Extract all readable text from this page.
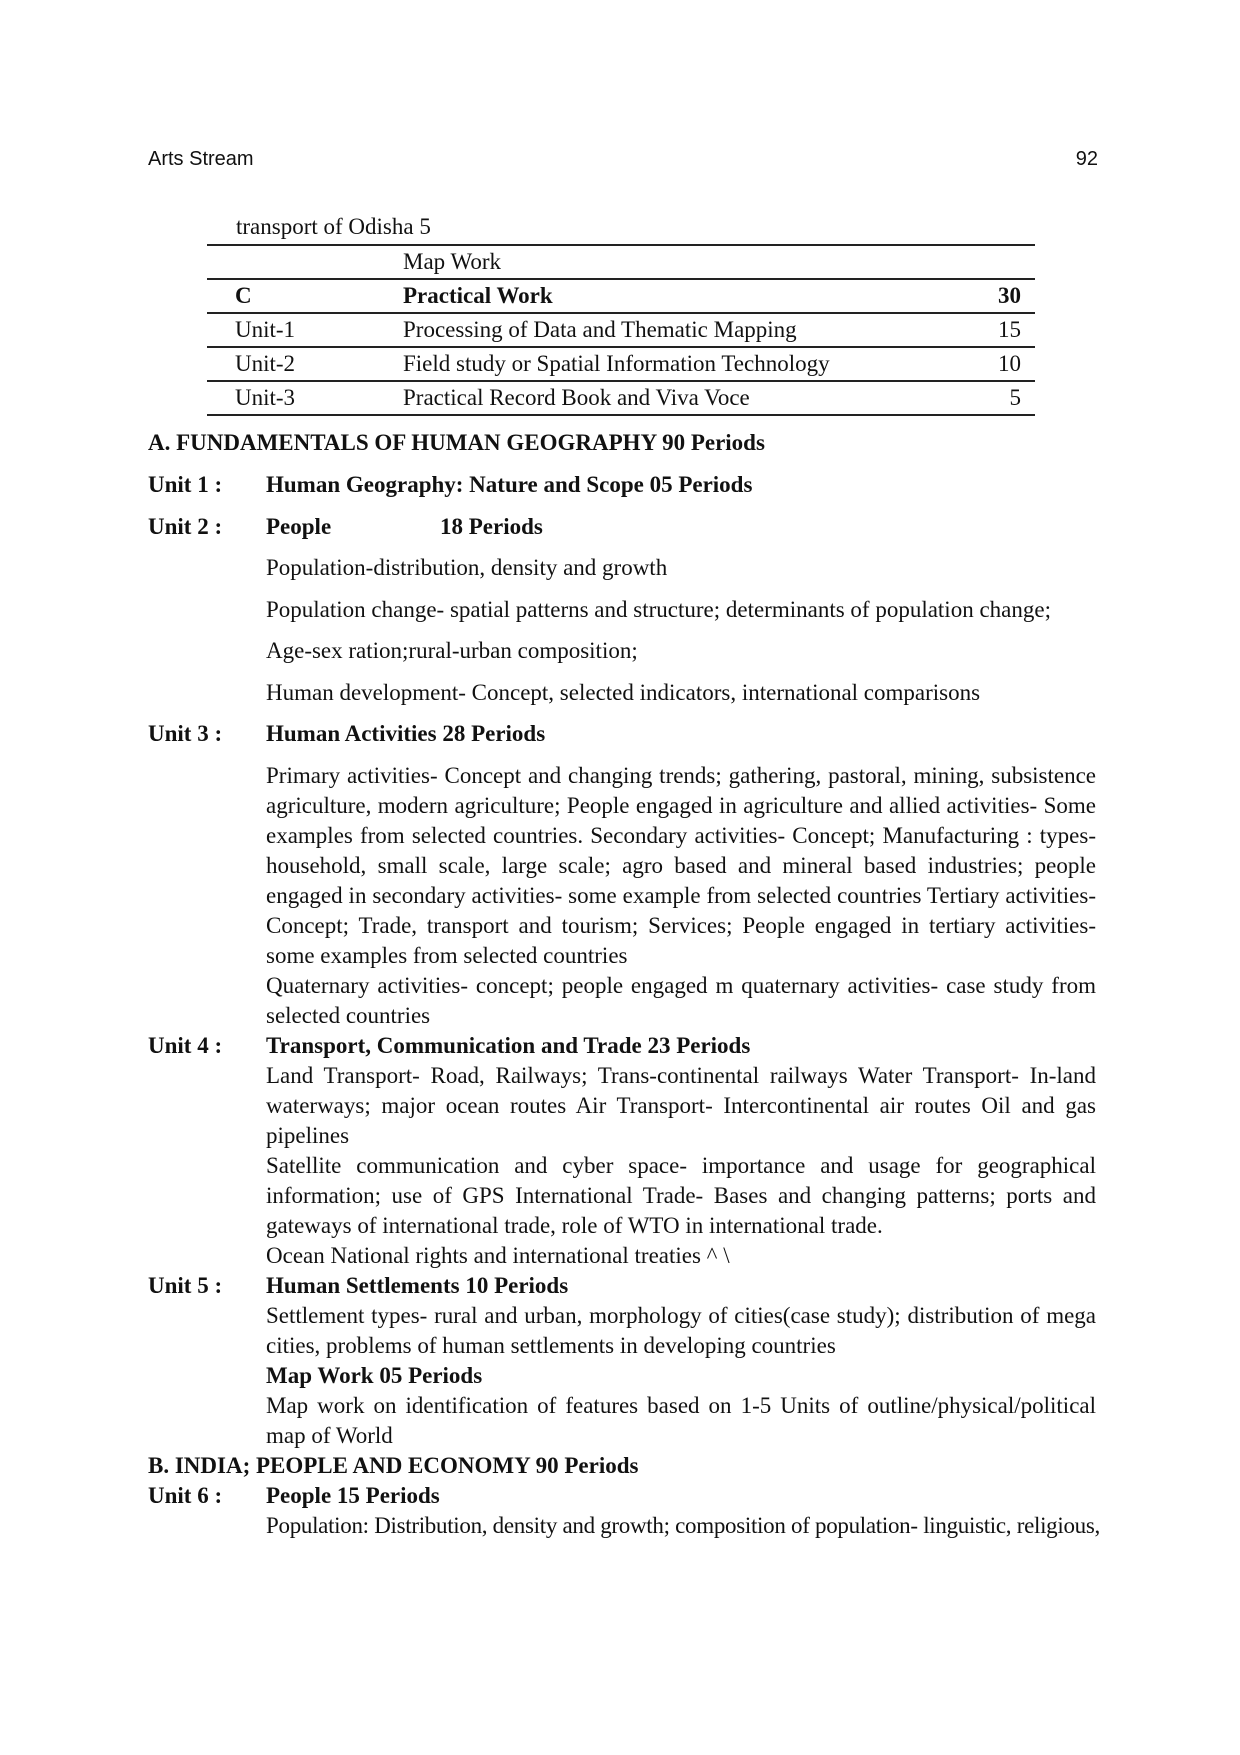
Arts Stream	92
transport of Odisha 5
	Map Work	
C	Practical Work	30
Unit-1	Processing of Data and Thematic Mapping	15
Unit-2	Field study or Spatial Information Technology	10
Unit-3	Practical Record Book and Viva Voce	5
A. FUNDAMENTALS OF HUMAN GEOGRAPHY 90 Periods
Unit 1 : Human Geography: Nature and Scope 05 Periods
Unit 2 : People	18 Periods
Population-distribution, density and growth
Population change- spatial patterns and structure; determinants of population change;
Age-sex ration;rural-urban composition;
Human development- Concept, selected indicators, international comparisons
Unit 3 : Human Activities 28 Periods
Primary activities- Concept and changing trends; gathering, pastoral, mining, subsistence agriculture, modern agriculture; People engaged in agriculture and allied activities- Some examples from selected countries. Secondary activities- Concept; Manufacturing : types- household, small scale, large scale; agro based and mineral based industries; people engaged in secondary activities- some example from selected countries Tertiary activities- Concept; Trade, transport and tourism; Services; People engaged in tertiary activities- some examples from selected countries
Quaternary activities- concept; people engaged m quaternary activities- case study from selected countries
Unit 4 : Transport, Communication and Trade 23 Periods
Land Transport- Road, Railways; Trans-continental railways Water Transport- In-land waterways; major ocean routes Air Transport- Intercontinental air routes Oil and gas pipelines
Satellite communication and cyber space- importance and usage for geographical information; use of GPS International Trade- Bases and changing patterns; ports and gateways of international trade, role of WTO in international trade.
Ocean National rights and international treaties ^ \
Unit 5 : Human Settlements 10 Periods
Settlement types- rural and urban, morphology of cities(case study); distribution of mega cities, problems of human settlements in developing countries
Map Work 05 Periods
Map work on identification of features based on 1-5 Units of outline/physical/political map of World
B. INDIA; PEOPLE AND ECONOMY 90 Periods
Unit 6 : People 15 Periods
Population: Distribution, density and growth; composition of population- linguistic, religious,
